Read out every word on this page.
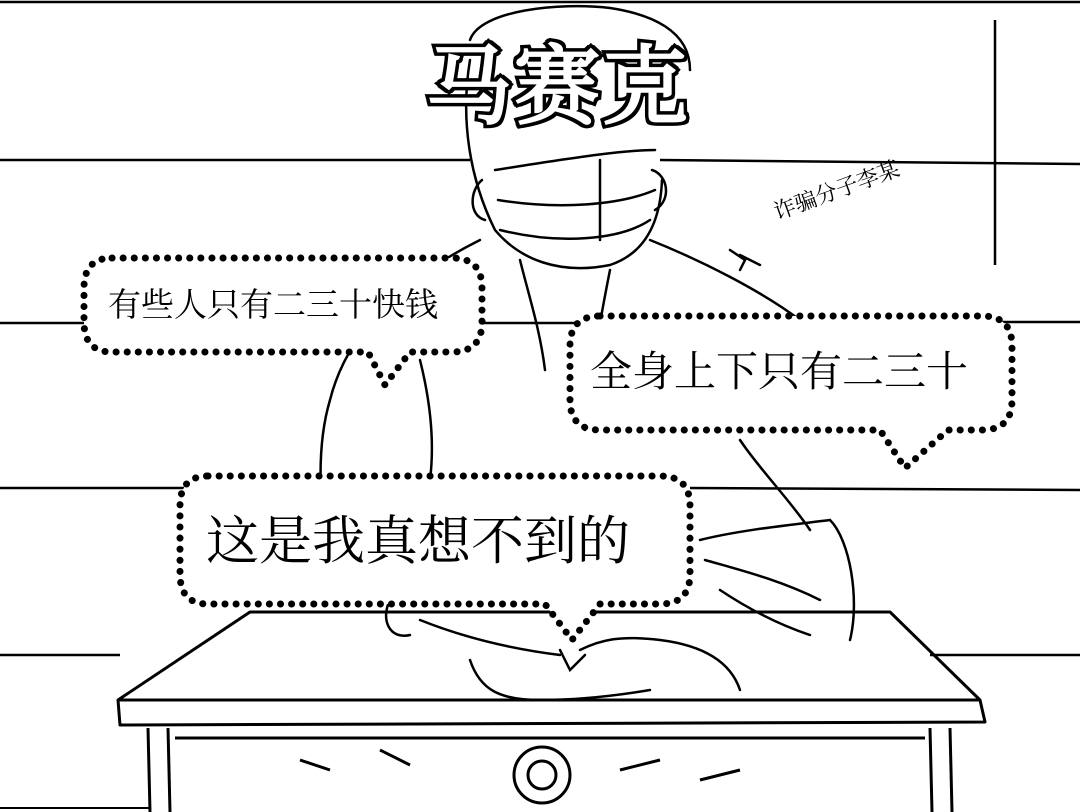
马赛克
诈骗分子李某
有些人只有二三十快钱
全身上下只有二三十
这是我真想不到的
